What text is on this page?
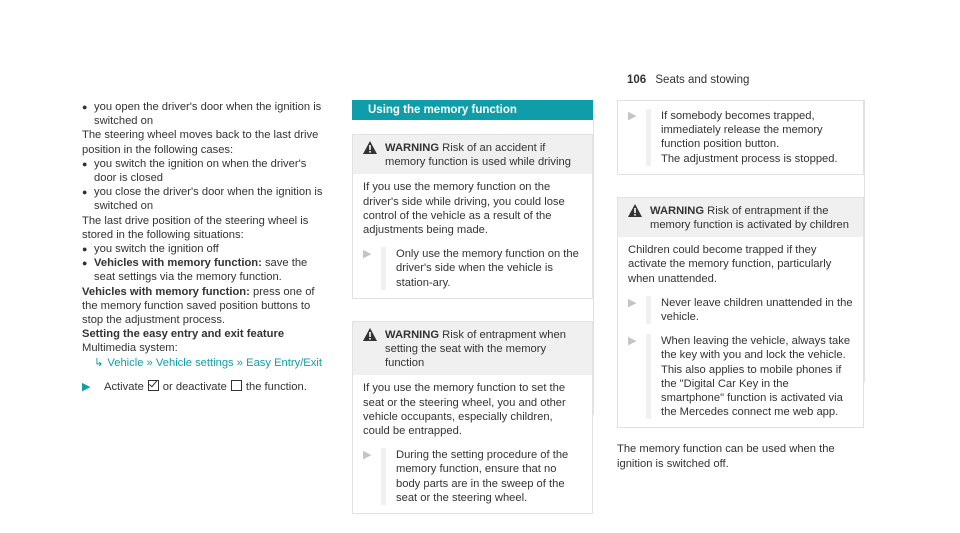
106 Seats and stowing
● you open the driver's door when the ignition is switched on

The steering wheel moves back to the last drive position in the following cases:

● you switch the ignition on when the driver's door is closed
● you close the driver's door when the ignition is switched on

The last drive position of the steering wheel is stored in the following situations:

● you switch the ignition off
● Vehicles with memory function: save the seat settings via the memory function.

Vehicles with memory function: press one of the memory function saved position buttons to stop the adjustment process.

Setting the easy entry and exit feature

Multimedia system:

↳ Vehicle » Vehicle settings » Easy Entry/Exit

▶	Activate or deactivate the function.
Using the memory function
WARNING Risk of an accident if memory function is used while driving

If you use the memory function on the driver's side while driving, you could lose control of the vehicle as a result of the adjustments being made.

▶	Only use the memory function on the driver's side when the vehicle is station-ary.
WARNING Risk of entrapment when setting the seat with the memory function

If you use the memory function to set the seat or the steering wheel, you and other vehicle occupants, especially children, could be entrapped.

▶	During the setting procedure of the memory function, ensure that no body parts are in the sweep of the seat or the steering wheel.
▶	If somebody becomes trapped, immediately release the memory function position button.
The adjustment process is stopped.
WARNING Risk of entrapment if the memory function is activated by children

Children could become trapped if they activate the memory function, particularly when unattended.

▶	Never leave children unattended in the vehicle.
▶	When leaving the vehicle, always take the key with you and lock the vehicle. This also applies to mobile phones if the "Digital Car Key in the smartphone" function is activated via the Mercedes connect me web app.

The memory function can be used when the ignition is switched off.
